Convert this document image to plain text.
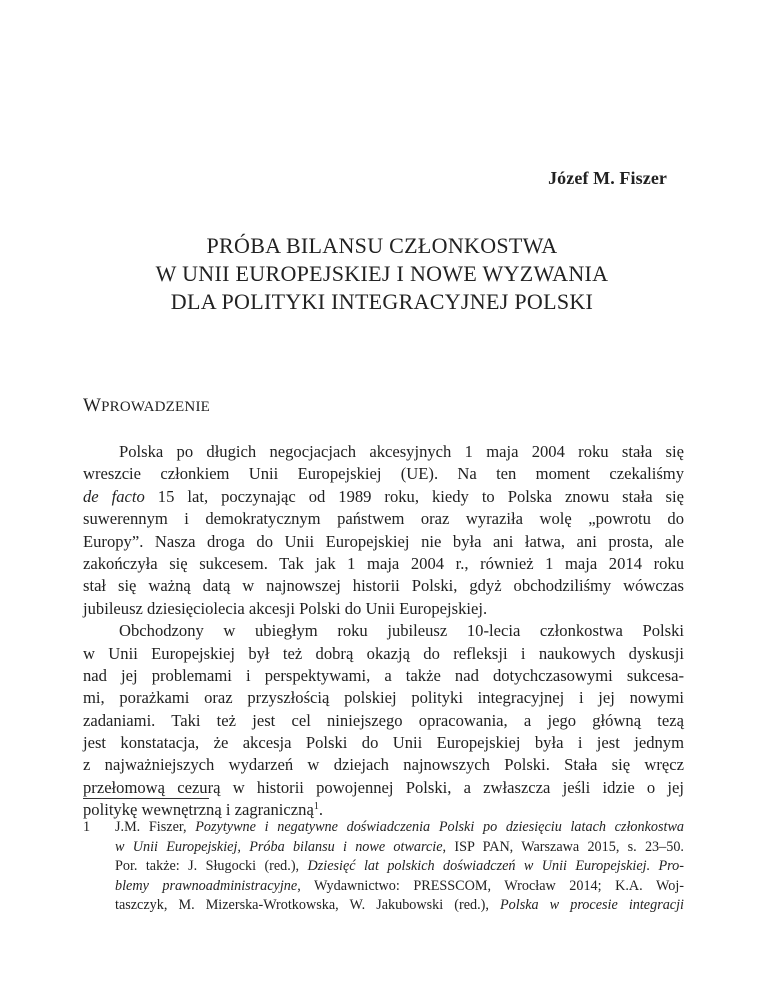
Józef M. Fiszer
PRÓBA BILANSU CZŁONKOSTWA
W UNII EUROPEJSKIEJ I NOWE WYZWANIA
DLA POLITYKI INTEGRACYJNEJ POLSKI
WPROWADZENIE
Polska po długich negocjacjach akcesyjnych 1 maja 2004 roku stała się
wreszcie członkiem Unii Europejskiej (UE). Na ten moment czekaliśmy
de facto 15 lat, poczynając od 1989 roku, kiedy to Polska znowu stała się
suwerennym i demokratycznym państwem oraz wyraziła wolę „powrotu do
Europy”. Nasza droga do Unii Europejskiej nie była ani łatwa, ani prosta, ale
zakończyła się sukcesem. Tak jak 1 maja 2004 r., również 1 maja 2014 roku
stał się ważną datą w najnowszej historii Polski, gdyż obchodziliśmy wówczas
jubileusz dziesięciolecia akcesji Polski do Unii Europejskiej.
Obchodzony w ubiegłym roku jubileusz 10-lecia członkostwa Polski
w Unii Europejskiej był też dobrą okazją do refleksji i naukowych dyskusji
nad jej problemami i perspektywami, a także nad dotychczasowymi sukcesa-
mi, porażkami oraz przyszłością polskiej polityki integracyjnej i jej nowymi
zadaniami. Taki też jest cel niniejszego opracowania, a jego główną tezą
jest konstatacja, że akcesja Polski do Unii Europejskiej była i jest jednym
z najważniejszych wydarzeń w dziejach najnowszych Polski. Stała się wręcz
przełomową cezurą w historii powojennej Polski, a zwłaszcza jeśli idzie o jej
politykę wewnętrzną i zagraniczną$^1$.
1 J.M. Fiszer, Pozytywne i negatywne doświadczenia Polski po dziesięciu latach członkostwa
w Unii Europejskiej, Próba bilansu i nowe otwarcie, ISP PAN, Warszawa 2015, s. 23–50.
Por. także: J. Sługocki (red.), Dziesięć lat polskich doświadczeń w Unii Europejskiej. Pro-
blemy prawnoadministracyjne, Wydawnictwo: PRESSCOM, Wrocław 2014; K.A. Woj-
taszczyk, M. Mizerska-Wrotkowska, W. Jakubowski (red.), Polska w procesie integracji
